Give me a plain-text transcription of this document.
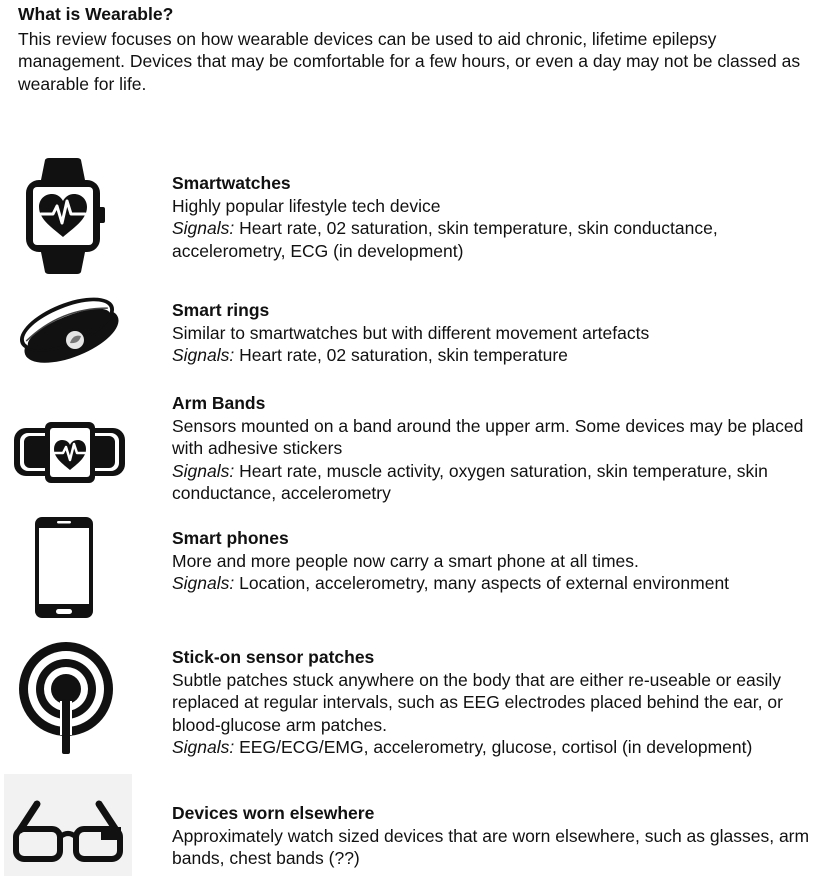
What is Wearable?
This review focuses on how wearable devices can be used to aid chronic, lifetime epilepsy management. Devices that may be comfortable for a few hours, or even a day may not be classed as wearable for life.
Smartwatches
Highly popular lifestyle tech device
Signals: Heart rate, 02 saturation, skin temperature, skin conductance, accelerometry, ECG (in development)
Smart rings
Similar to smartwatches but with different movement artefacts
Signals: Heart rate, 02 saturation, skin temperature
Arm Bands
Sensors mounted on a band around the upper arm. Some devices may be placed with adhesive stickers
Signals: Heart rate, muscle activity, oxygen saturation, skin temperature, skin conductance, accelerometry
Smart phones
More and more people now carry a smart phone at all times.
Signals: Location, accelerometry, many aspects of external environment
Stick-on sensor patches
Subtle patches stuck anywhere on the body that are either re-useable or easily replaced at regular intervals, such as EEG electrodes placed behind the ear, or blood-glucose arm patches.
Signals: EEG/ECG/EMG, accelerometry, glucose, cortisol (in development)
Devices worn elsewhere
Approximately watch sized devices that are worn elsewhere, such as glasses, arm bands, chest bands (??)
